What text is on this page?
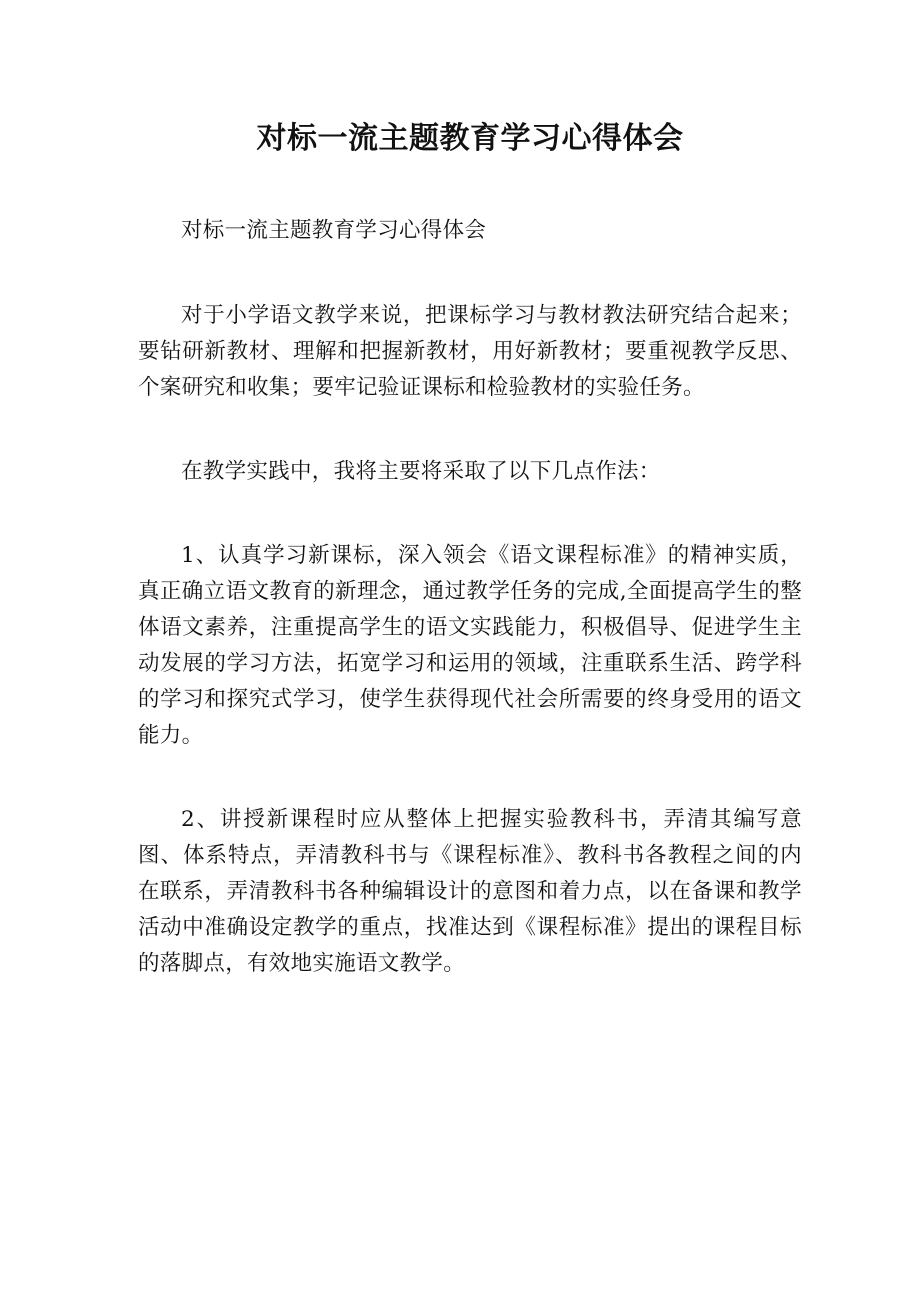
对标一流主题教育学习心得体会

对标一流主题教育学习心得体会

对于小学语文教学来说，把课标学习与教材教法研究结合起来；要钻研新教材、理解和把握新教材，用好新教材；要重视教学反思、个案研究和收集；要牢记验证课标和检验教材的实验任务。

在教学实践中，我将主要将采取了以下几点作法：

1、认真学习新课标，深入领会《语文课程标准》的精神实质，真正确立语文教育的新理念，通过教学任务的完成,全面提高学生的整体语文素养，注重提高学生的语文实践能力，积极倡导、促进学生主动发展的学习方法，拓宽学习和运用的领域，注重联系生活、跨学科的学习和探究式学习，使学生获得现代社会所需要的终身受用的语文能力。

2、讲授新课程时应从整体上把握实验教科书，弄清其编写意图、体系特点，弄清教科书与《课程标准》、教科书各教程之间的内在联系，弄清教科书各种编辑设计的意图和着力点，以在备课和教学活动中准确设定教学的重点，找准达到《课程标准》提出的课程目标的落脚点，有效地实施语文教学。
